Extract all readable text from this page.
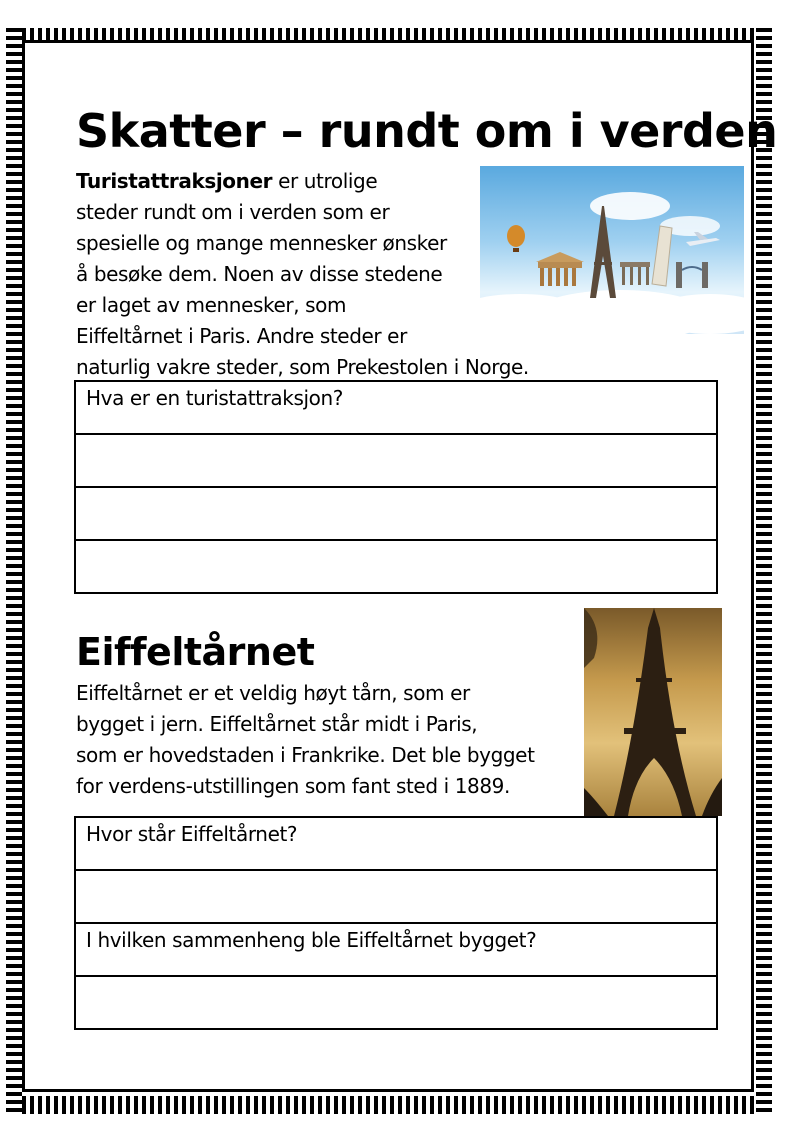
Skatter – rundt om i verden
Turistattraksjoner er utrolige
steder rundt om i verden som er
spesielle og mange mennesker ønsker
å besøke dem. Noen av disse stedene
er laget av mennesker, som
Eiffeltårnet i Paris. Andre steder er
naturlig vakre steder, som Prekestolen i Norge.
Hva er en turistattraksjon?

Eiffeltårnet
Eiffeltårnet er et veldig høyt tårn, som er
bygget i jern. Eiffeltårnet står midt i Paris,
som er hovedstaden i Frankrike. Det ble bygget
for verdens-utstillingen som fant sted i 1889.
Hvor står Eiffeltårnet?

I hvilken sammenheng ble Eiffeltårnet bygget?
